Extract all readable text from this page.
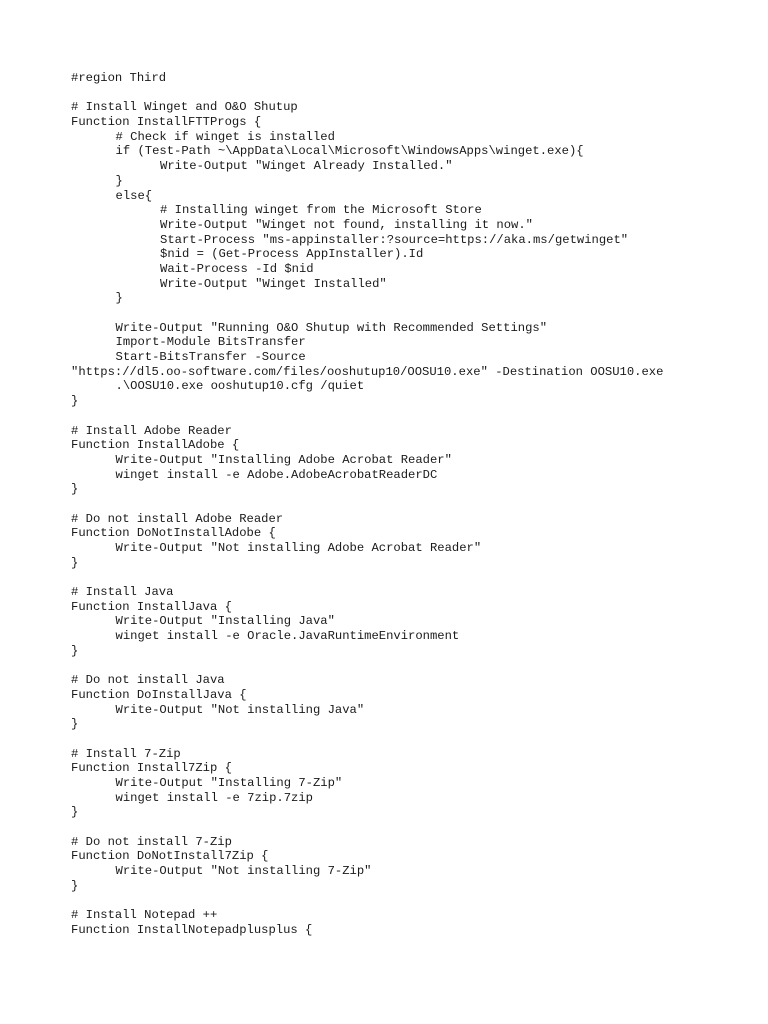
#region Third
# Install Winget and O&O Shutup
Function InstallFTTProgs {
# Check if winget is installed
if (Test-Path ~\AppData\Local\Microsoft\WindowsApps\winget.exe){
Write-Output "Winget Already Installed."
}
else{
# Installing winget from the Microsoft Store
Write-Output "Winget not found, installing it now."
Start-Process "ms-appinstaller:?source=https://aka.ms/getwinget"
$nid = (Get-Process AppInstaller).Id
Wait-Process -Id $nid
Write-Output "Winget Installed"
}
Write-Output "Running O&O Shutup with Recommended Settings"
Import-Module BitsTransfer
Start-BitsTransfer -Source
"https://dl5.oo-software.com/files/ooshutup10/OOSU10.exe" -Destination OOSU10.exe
.\OOSU10.exe ooshutup10.cfg /quiet
}
# Install Adobe Reader
Function InstallAdobe {
Write-Output "Installing Adobe Acrobat Reader"
winget install -e Adobe.AdobeAcrobatReaderDC
}
# Do not install Adobe Reader
Function DoNotInstallAdobe {
Write-Output "Not installing Adobe Acrobat Reader"
}
# Install Java
Function InstallJava {
Write-Output "Installing Java"
winget install -e Oracle.JavaRuntimeEnvironment
}
# Do not install Java
Function DoInstallJava {
Write-Output "Not installing Java"
}
# Install 7-Zip
Function Install7Zip {
Write-Output "Installing 7-Zip"
winget install -e 7zip.7zip
}
# Do not install 7-Zip
Function DoNotInstall7Zip {
Write-Output "Not installing 7-Zip"
}
# Install Notepad ++
Function InstallNotepadplusplus {
